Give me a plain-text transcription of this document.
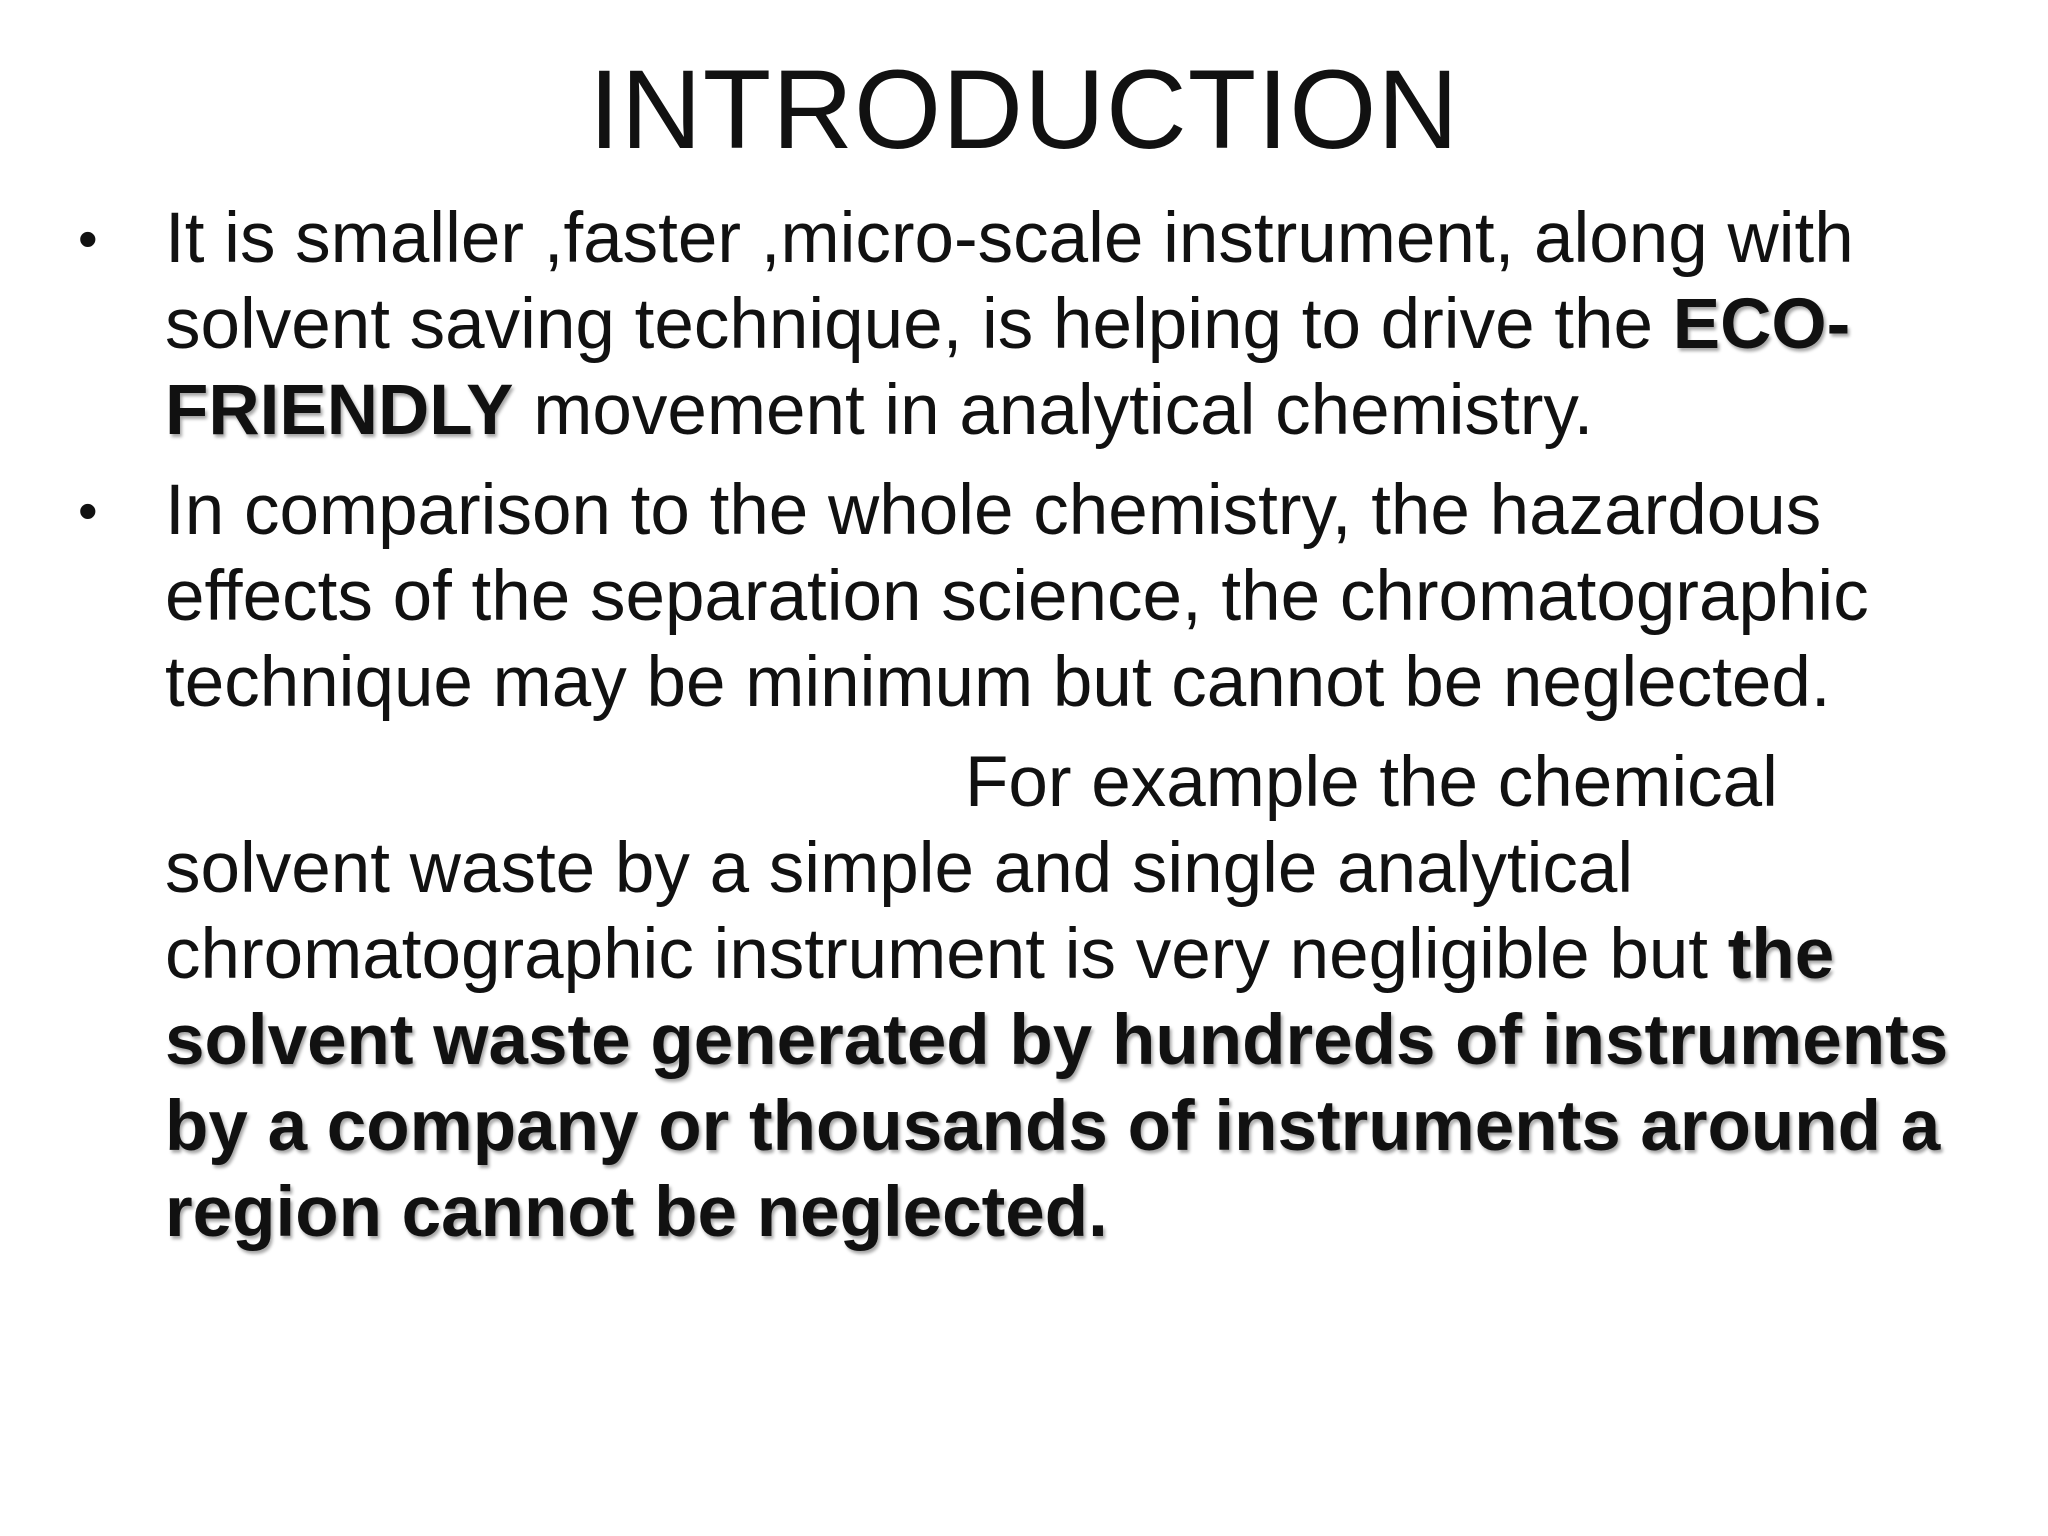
INTRODUCTION
• It is smaller ,faster ,micro-scale instrument, along with solvent saving technique, is helping to drive the ECO-FRIENDLY movement in analytical chemistry.
• In comparison to the whole chemistry, the hazardous effects of the separation science, the chromatographic technique may be minimum but cannot be neglected.

For example the chemical solvent waste by a simple and single analytical chromatographic instrument is very negligible but the solvent waste generated by hundreds of instruments by a company or thousands of instruments around a region cannot be neglected.
